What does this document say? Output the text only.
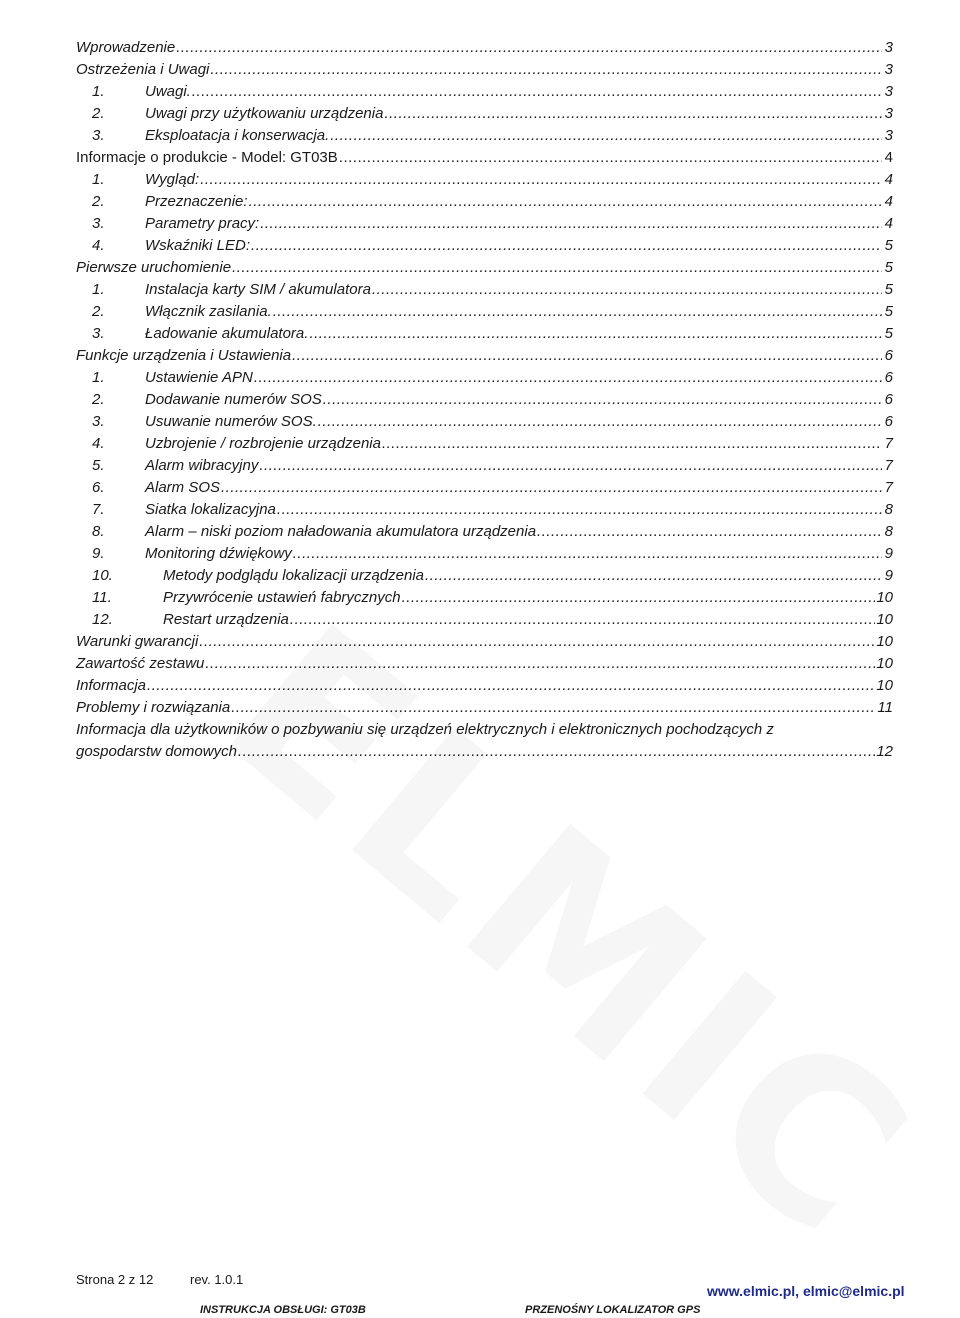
Wprowadzenie .....	3
Ostrzeżenia i Uwagi .....	3
1.	Uwagi. .....	3
2.	Uwagi przy użytkowaniu urządzenia .....	3
3.	Eksploatacja i konserwacja. .....	3
Informacje o produkcie - Model: GT03B .....	4
1.	Wygląd: .....	4
2.	Przeznaczenie: .....	4
3.	Parametry pracy: .....	4
4.	Wskaźniki LED: .....	5
Pierwsze uruchomienie .....	5
1.	Instalacja karty SIM / akumulatora .....	5
2.	Włącznik zasilania. .....	5
3.	Ładowanie akumulatora. .....	5
Funkcje urządzenia i Ustawienia .....	6
1.	Ustawienie APN .....	6
2.	Dodawanie numerów SOS .....	6
3.	Usuwanie numerów SOS. .....	6
4.	Uzbrojenie / rozbrojenie urządzenia .....	7
5.	Alarm wibracyjny .....	7
6.	Alarm SOS .....	7
7.	Siatka lokalizacyjna .....	8
8.	Alarm – niski poziom naładowania akumulatora urządzenia .....	8
9.	Monitoring dźwiękowy .....	9
10.	Metody podglądu lokalizacji urządzenia .....	9
11.	Przywrócenie ustawień fabrycznych .....	10
12.	Restart urządzenia .....	10
Warunki gwarancji .....	10
Zawartość zestawu .....	10
Informacja .....	10
Problemy i rozwiązania .....	11
Informacja dla użytkowników o pozbywaniu się urządzeń elektrycznych i elektronicznych pochodzących z
gospodarstw domowych .....	12
Strona 2 z 12	rev. 1.0.1
www.elmic.pl, elmic@elmic.pl
INSTRUKCJA OBSŁUGI: GT03B	PRZENOŚNY LOKALIZATOR GPS
